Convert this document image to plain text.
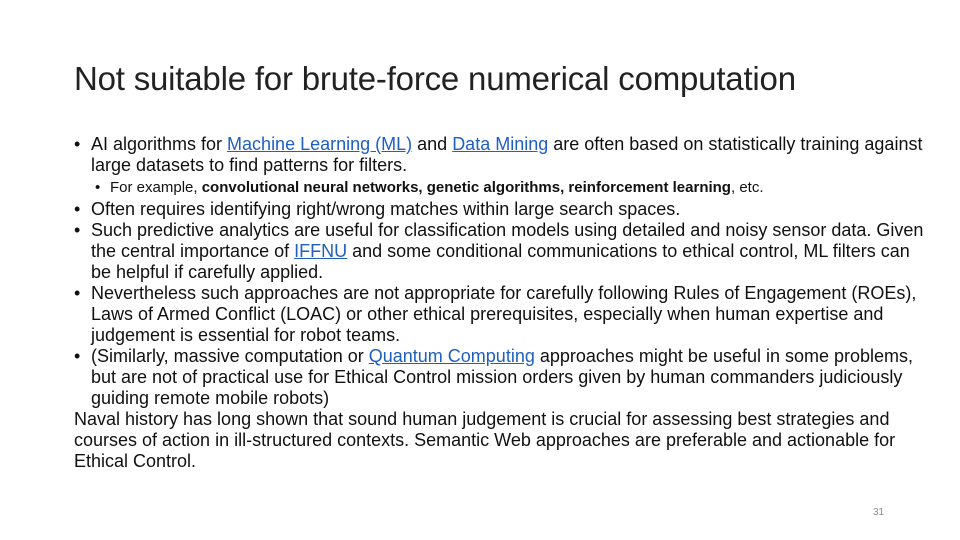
Not suitable for brute-force numerical computation

• AI algorithms for Machine Learning (ML) and Data Mining are often based on statistically training against large datasets to find patterns for filters.

• For example, convolutional neural networks, genetic algorithms, reinforcement learning, etc.

• Often requires identifying right/wrong matches within large search spaces.

• Such predictive analytics are useful for classification models using detailed and noisy sensor data. Given the central importance of IFFNU and some conditional communications to ethical control, ML filters can be helpful if carefully applied.

• Nevertheless such approaches are not appropriate for carefully following Rules of Engagement (ROEs), Laws of Armed Conflict (LOAC) or other ethical prerequisites, especially when human expertise and judgement is essential for robot teams.

• (Similarly, massive computation or Quantum Computing approaches might be useful in some problems, but are not of practical use for Ethical Control mission orders given by human commanders judiciously guiding remote mobile robots)

Naval history has long shown that sound human judgement is crucial for assessing best strategies and courses of action in ill-structured contexts. Semantic Web approaches are preferable and actionable for Ethical Control.

31
